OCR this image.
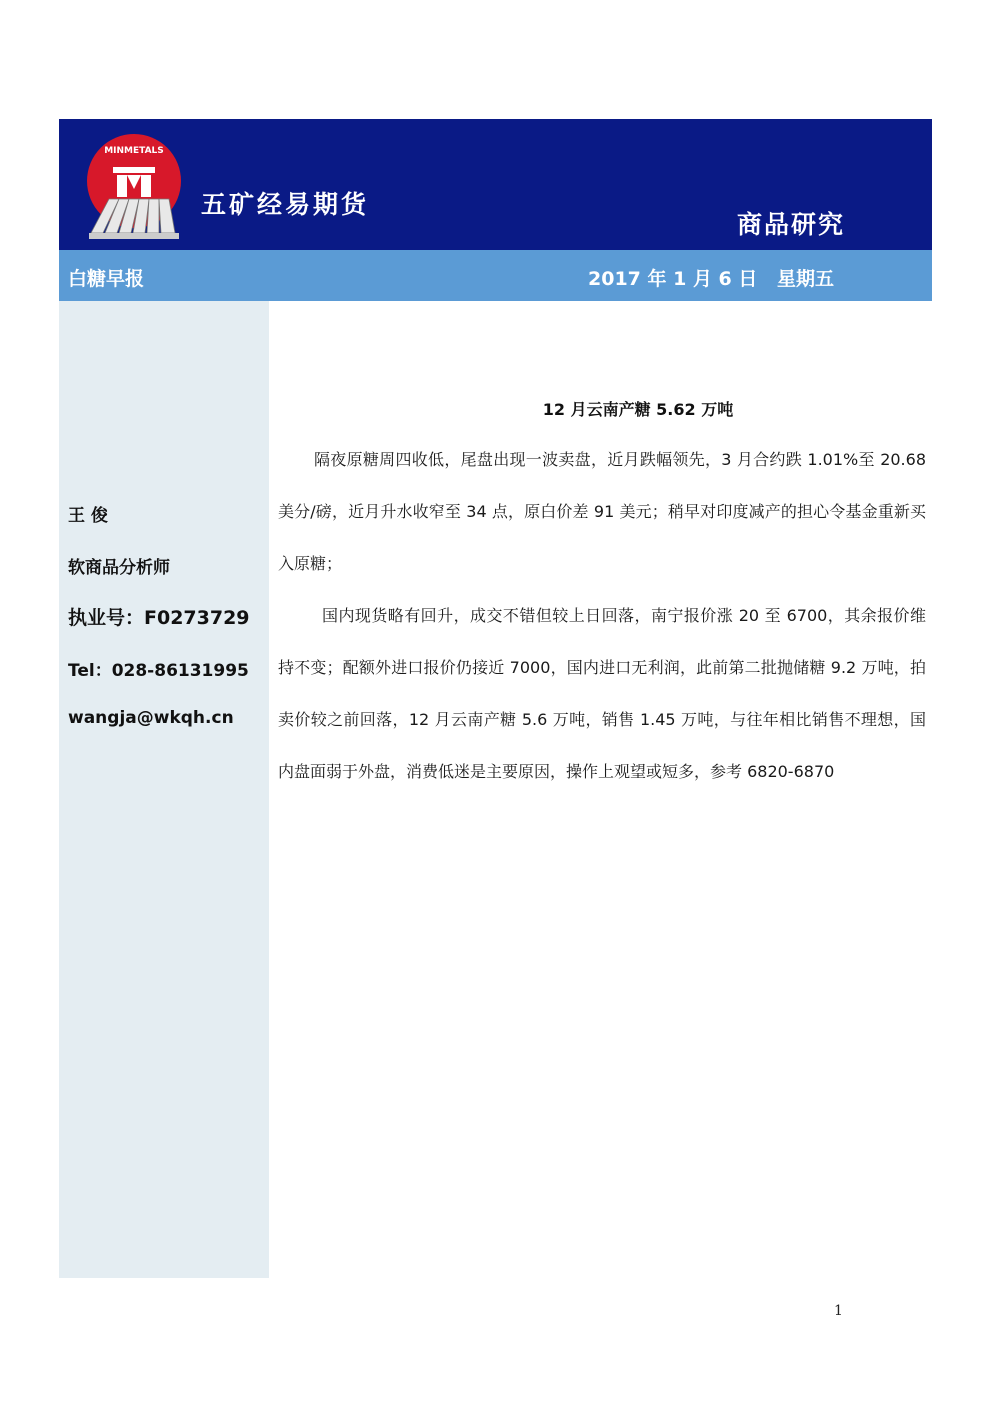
MINMETALS
五矿经易期货
商品研究
白糖早报	2017 年 1 月 6 日 星期五
王 俊
软商品分析师
执业号：F0273729
Tel：028-86131995
wangja@wkqh.cn
12 月云南产糖 5.62 万吨

隔夜原糖周四收低，尾盘出现一波卖盘，近月跌幅领先，3 月合约跌 1.01%至 20.68 美分/磅，近月升水收窄至 34 点，原白价差 91 美元；稍早对印度减产的担心令基金重新买入原糖；

国内现货略有回升，成交不错但较上日回落，南宁报价涨 20 至 6700，其余报价维持不变；配额外进口报价仍接近 7000，国内进口无利润，此前第二批抛储糖 9.2 万吨，拍卖价较之前回落，12 月云南产糖 5.6 万吨，销售 1.45 万吨，与往年相比销售不理想，国内盘面弱于外盘，消费低迷是主要原因，操作上观望或短多，参考 6820-6870

1
